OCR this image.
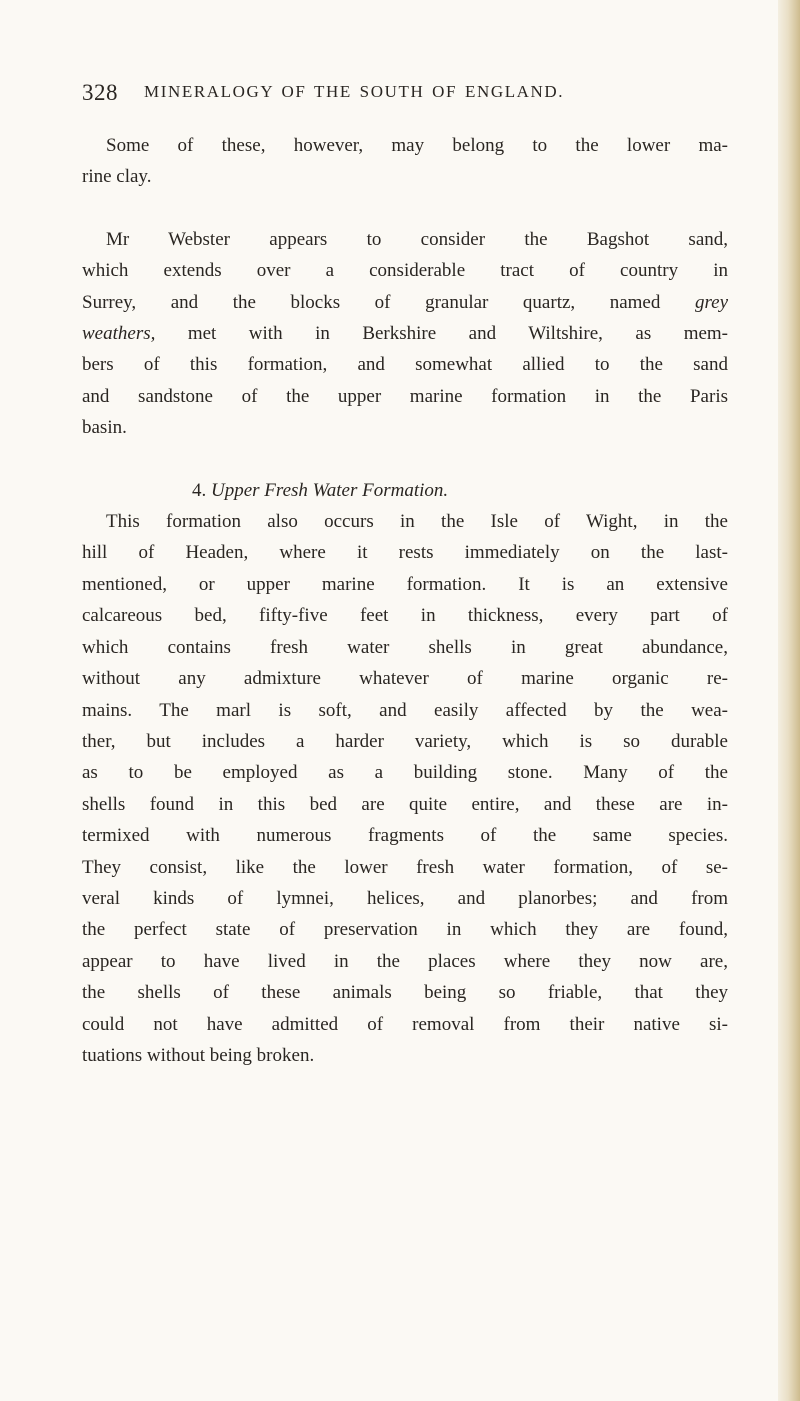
328 MINERALOGY OF THE SOUTH OF ENGLAND.

Some of these, however, may belong to the lower ma-
rine clay.

Mr Webster appears to consider the Bagshot sand,
which extends over a considerable tract of country in
Surrey, and the blocks of granular quartz, named grey
weathers, met with in Berkshire and Wiltshire, as mem-
bers of this formation, and somewhat allied to the sand
and sandstone of the upper marine formation in the Paris
basin.

4. Upper Fresh Water Formation.

This formation also occurs in the Isle of Wight, in the
hill of Headen, where it rests immediately on the last-
mentioned, or upper marine formation. It is an extensive
calcareous bed, fifty-five feet in thickness, every part of
which contains fresh water shells in great abundance,
without any admixture whatever of marine organic re-
mains. The marl is soft, and easily affected by the wea-
ther, but includes a harder variety, which is so durable
as to be employed as a building stone. Many of the
shells found in this bed are quite entire, and these are in-
termixed with numerous fragments of the same species.
They consist, like the lower fresh water formation, of se-
veral kinds of lymnei, helices, and planorbes; and from
the perfect state of preservation in which they are found,
appear to have lived in the places where they now are,
the shells of these animals being so friable, that they
could not have admitted of removal from their native si-
tuations without being broken.
